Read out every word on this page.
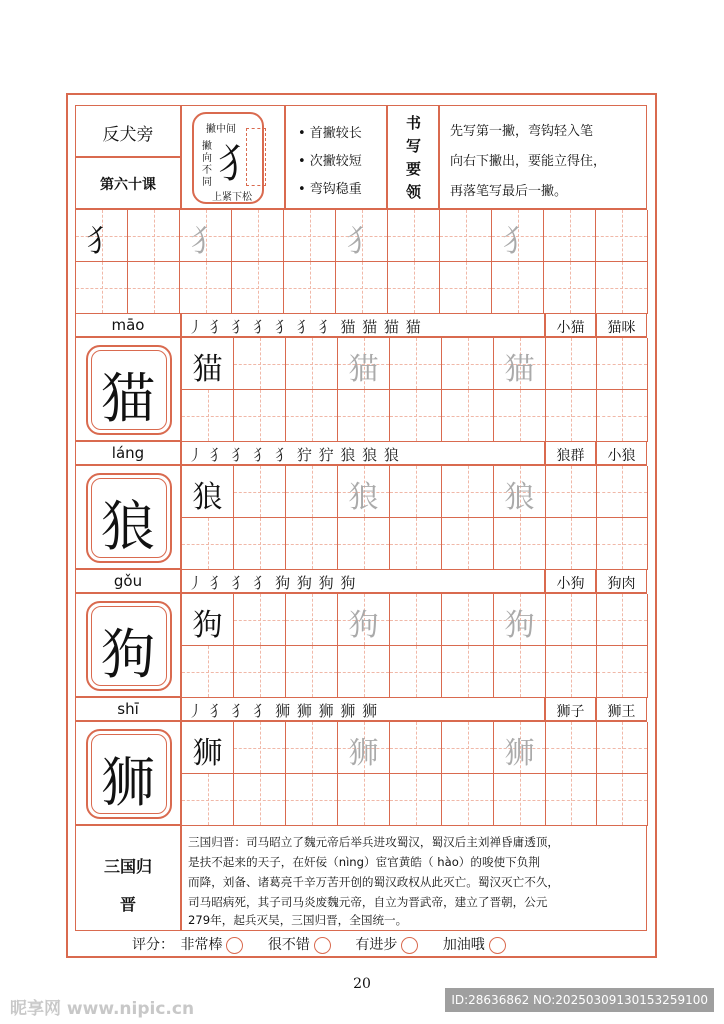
反犬旁
第六十课
撇中间
撇向不同 犭
上紧下松
• 首撇较长
• 次撇较短
• 弯钩稳重
书写要领
先写第一撇，弯钩轻入笔
向右下撇出，要能立得住，
再落笔写最后一撇。
犭	犭	犭	犭
māo	丿 犭 犭 犭 犭 犭 犭 猫 猫 猫 猫	小猫	猫咪
猫	猫	猫	猫
láng	丿 犭 犭 犭 犭 狞 狞 狼 狼 狼	狼群	小狼
狼	狼	狼	狼
gǒu	丿 犭 犭 犭 狗 狗 狗 狗	小狗	狗肉
狗	狗	狗	狗
shī	丿 犭 犭 犭 狮 狮 狮 狮 狮	狮子	狮王
狮	狮	狮	狮
三国归
晋
三国归晋：司马昭立了魏元帝后举兵进攻蜀汉，蜀汉后主刘禅昏庸透顶，
是扶不起来的天子，在奸佞（nìng）宦官黄皓（ hào）的唆使下负荆
而降，刘备、诸葛亮千辛万苦开创的蜀汉政权从此灭亡。蜀汉灭亡不久，
司马昭病死，其子司马炎废魏元帝，自立为晋武帝，建立了晋朝，公元
279年，起兵灭吴，三国归晋，全国统一。
评分： 非常棒	很不错	有进步	加油哦
20
昵享网 www.nipic.cn	ID:28636862 NO:20250309130153259100
